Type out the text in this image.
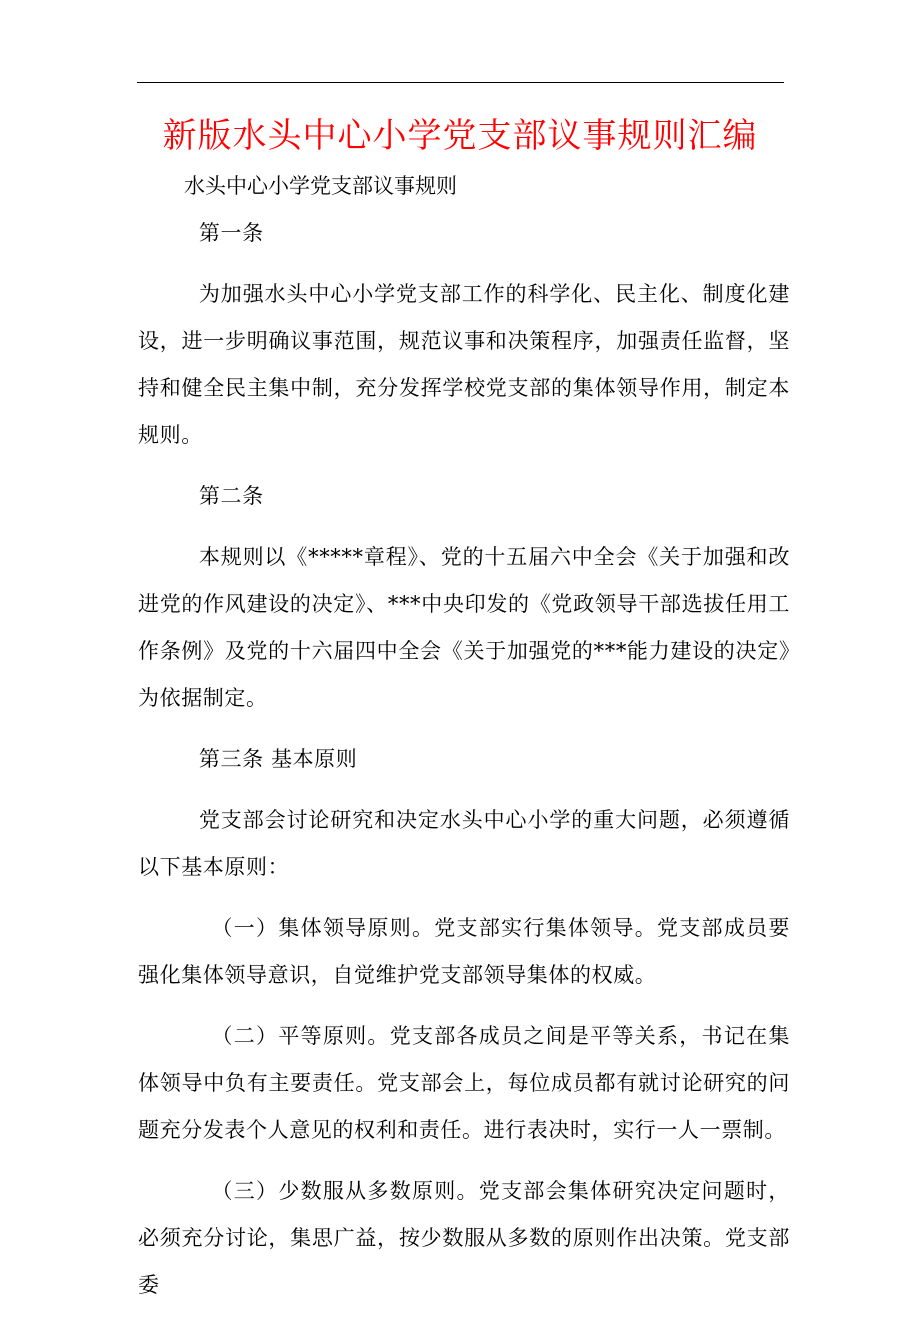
新版水头中心小学党支部议事规则汇编
水头中心小学党支部议事规则

第一条

为加强水头中心小学党支部工作的科学化、民主化、制度化建设，进一步明确议事范围，规范议事和决策程序，加强责任监督，坚持和健全民主集中制，充分发挥学校党支部的集体领导作用，制定本规则。

第二条

本规则以《*****章程》、党的十五届六中全会《关于加强和改进党的作风建设的决定》、***中央印发的《党政领导干部选拔任用工作条例》及党的十六届四中全会《关于加强党的***能力建设的决定》为依据制定。

第三条 基本原则

党支部会讨论研究和决定水头中心小学的重大问题，必须遵循以下基本原则：

（一）集体领导原则。党支部实行集体领导。党支部成员要强化集体领导意识，自觉维护党支部领导集体的权威。

（二）平等原则。党支部各成员之间是平等关系，书记在集体领导中负有主要责任。党支部会上，每位成员都有就讨论研究的问题充分发表个人意见的权利和责任。进行表决时，实行一人一票制。

（三）少数服从多数原则。党支部会集体研究决定问题时，必须充分讨论，集思广益，按少数服从多数的原则作出决策。党支部委
